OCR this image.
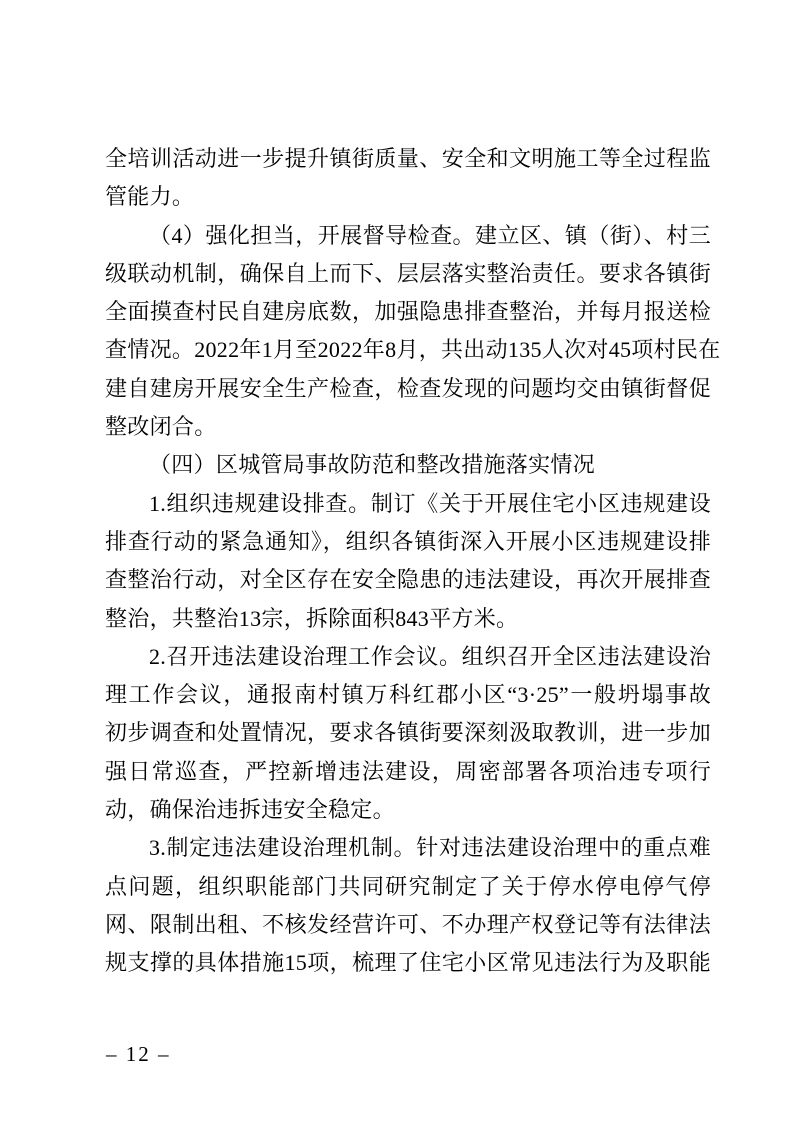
全培训活动进一步提升镇街质量、安全和文明施工等全过程监
管能力。
（4）强化担当，开展督导检查。建立区、镇（街）、村三
级联动机制，确保自上而下、层层落实整治责任。要求各镇街
全面摸查村民自建房底数，加强隐患排查整治，并每月报送检
查情况。2022年1月至2022年8月，共出动135人次对45项村民在
建自建房开展安全生产检查，检查发现的问题均交由镇街督促
整改闭合。
（四）区城管局事故防范和整改措施落实情况
1.组织违规建设排查。制订《关于开展住宅小区违规建设
排查行动的紧急通知》，组织各镇街深入开展小区违规建设排
查整治行动，对全区存在安全隐患的违法建设，再次开展排查
整治，共整治13宗，拆除面积843平方米。
2.召开违法建设治理工作会议。组织召开全区违法建设治
理工作会议，通报南村镇万科红郡小区“3·25”一般坍塌事故
初步调查和处置情况，要求各镇街要深刻汲取教训，进一步加
强日常巡查，严控新增违法建设，周密部署各项治违专项行
动，确保治违拆违安全稳定。
3.制定违法建设治理机制。针对违法建设治理中的重点难
点问题，组织职能部门共同研究制定了关于停水停电停气停
网、限制出租、不核发经营许可、不办理产权登记等有法律法
规支撑的具体措施15项，梳理了住宅小区常见违法行为及职能
– 12 –
